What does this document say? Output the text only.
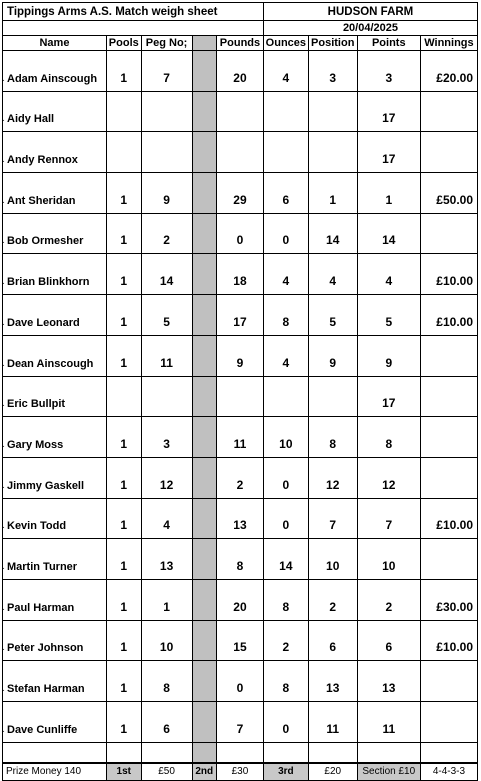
Tippings Arms A.S. Match weigh sheet					HUDSON FARM			
					20/04/2025			
Name	Pools	Peg No;		Pounds	Ounces	Position	Points	Winnings
▸ Adam Ainscough	1	7		20	4	3	3	£20.00
▸ Aidy Hall							17	
▸ Andy Rennox							17	
▸ Ant Sheridan	1	9		29	6	1	1	£50.00
▸ Bob Ormesher	1	2		0	0	14	14	
▸ Brian Blinkhorn	1	14		18	4	4	4	£10.00
▸ Dave Leonard	1	5		17	8	5	5	£10.00
▸ Dean Ainscough	1	11		9	4	9	9	
▸ Eric Bullpit							17	
▸ Gary Moss	1	3		11	10	8	8	
▸ Jimmy Gaskell	1	12		2	0	12	12	
▸ Kevin Todd	1	4		13	0	7	7	£10.00
▸ Martin Turner	1	13		8	14	10	10	
▸ Paul Harman	1	1		20	8	2	2	£30.00
▸ Peter Johnson	1	10		15	2	6	6	£10.00
▸ Stefan Harman	1	8		0	8	13	13	
▸ Dave Cunliffe	1	6		7	0	11	11	

Prize Money 140	1st	£50	2nd	£30	3rd	£20	Section £10	4-4-3-3
